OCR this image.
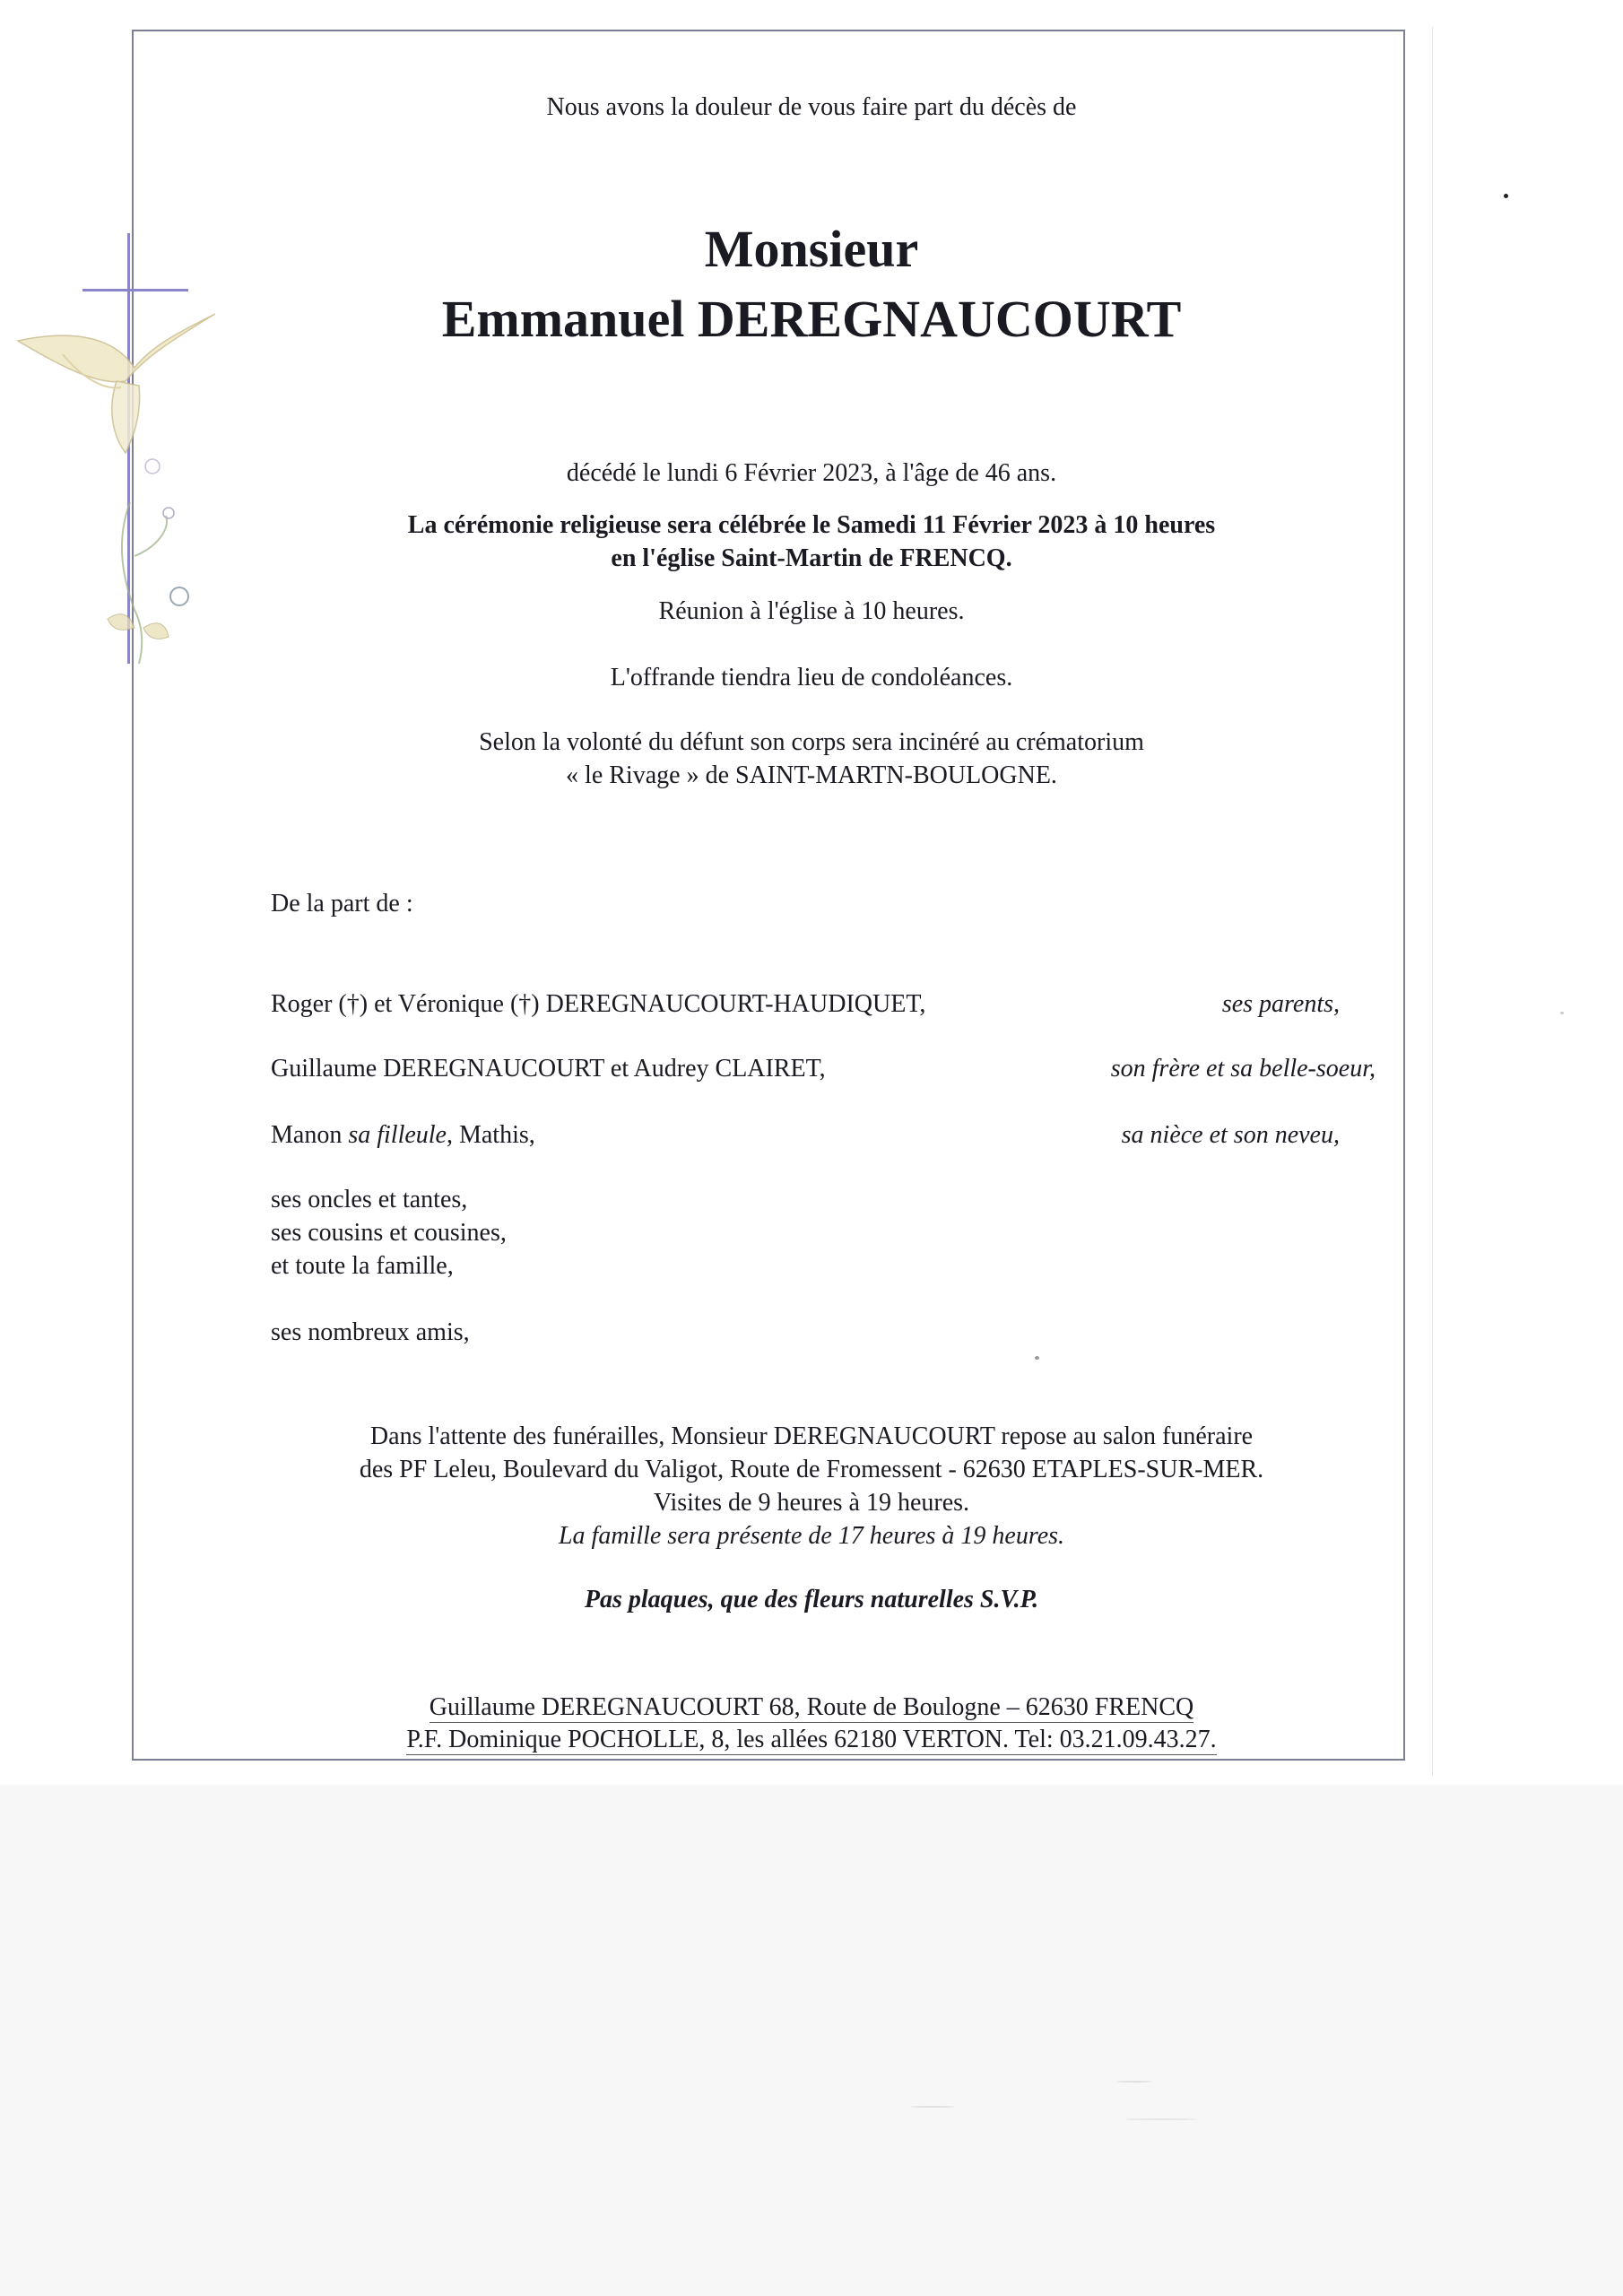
Nous avons la douleur de vous faire part du décès de
Monsieur
Emmanuel DEREGNAUCOURT
décédé le lundi 6 Février 2023, à l'âge de 46 ans.
La cérémonie religieuse sera célébrée le Samedi 11 Février 2023 à 10 heures
en l'église Saint-Martin de FRENCQ.
Réunion à l'église à 10 heures.
L'offrande tiendra lieu de condoléances.
Selon la volonté du défunt son corps sera incinéré au crématorium
« le Rivage » de SAINT-MARTN-BOULOGNE.
De la part de :
Roger (†) et Véronique (†) DEREGNAUCOURT-HAUDIQUET,	ses parents,
Guillaume DEREGNAUCOURT et Audrey CLAIRET,	son frère et sa belle-soeur,
Manon sa filleule, Mathis,	sa nièce et son neveu,
ses oncles et tantes,
ses cousins et cousines,
et toute la famille,
ses nombreux amis,
Dans l'attente des funérailles, Monsieur DEREGNAUCOURT repose au salon funéraire
des PF Leleu, Boulevard du Valigot, Route de Fromessent - 62630 ETAPLES-SUR-MER.
Visites de 9 heures à 19 heures.
La famille sera présente de 17 heures à 19 heures.
Pas plaques, que des fleurs naturelles S.V.P.
Guillaume DEREGNAUCOURT 68, Route de Boulogne – 62630 FRENCQ
P.F. Dominique POCHOLLE, 8, les allées 62180 VERTON. Tel: 03.21.09.43.27.
